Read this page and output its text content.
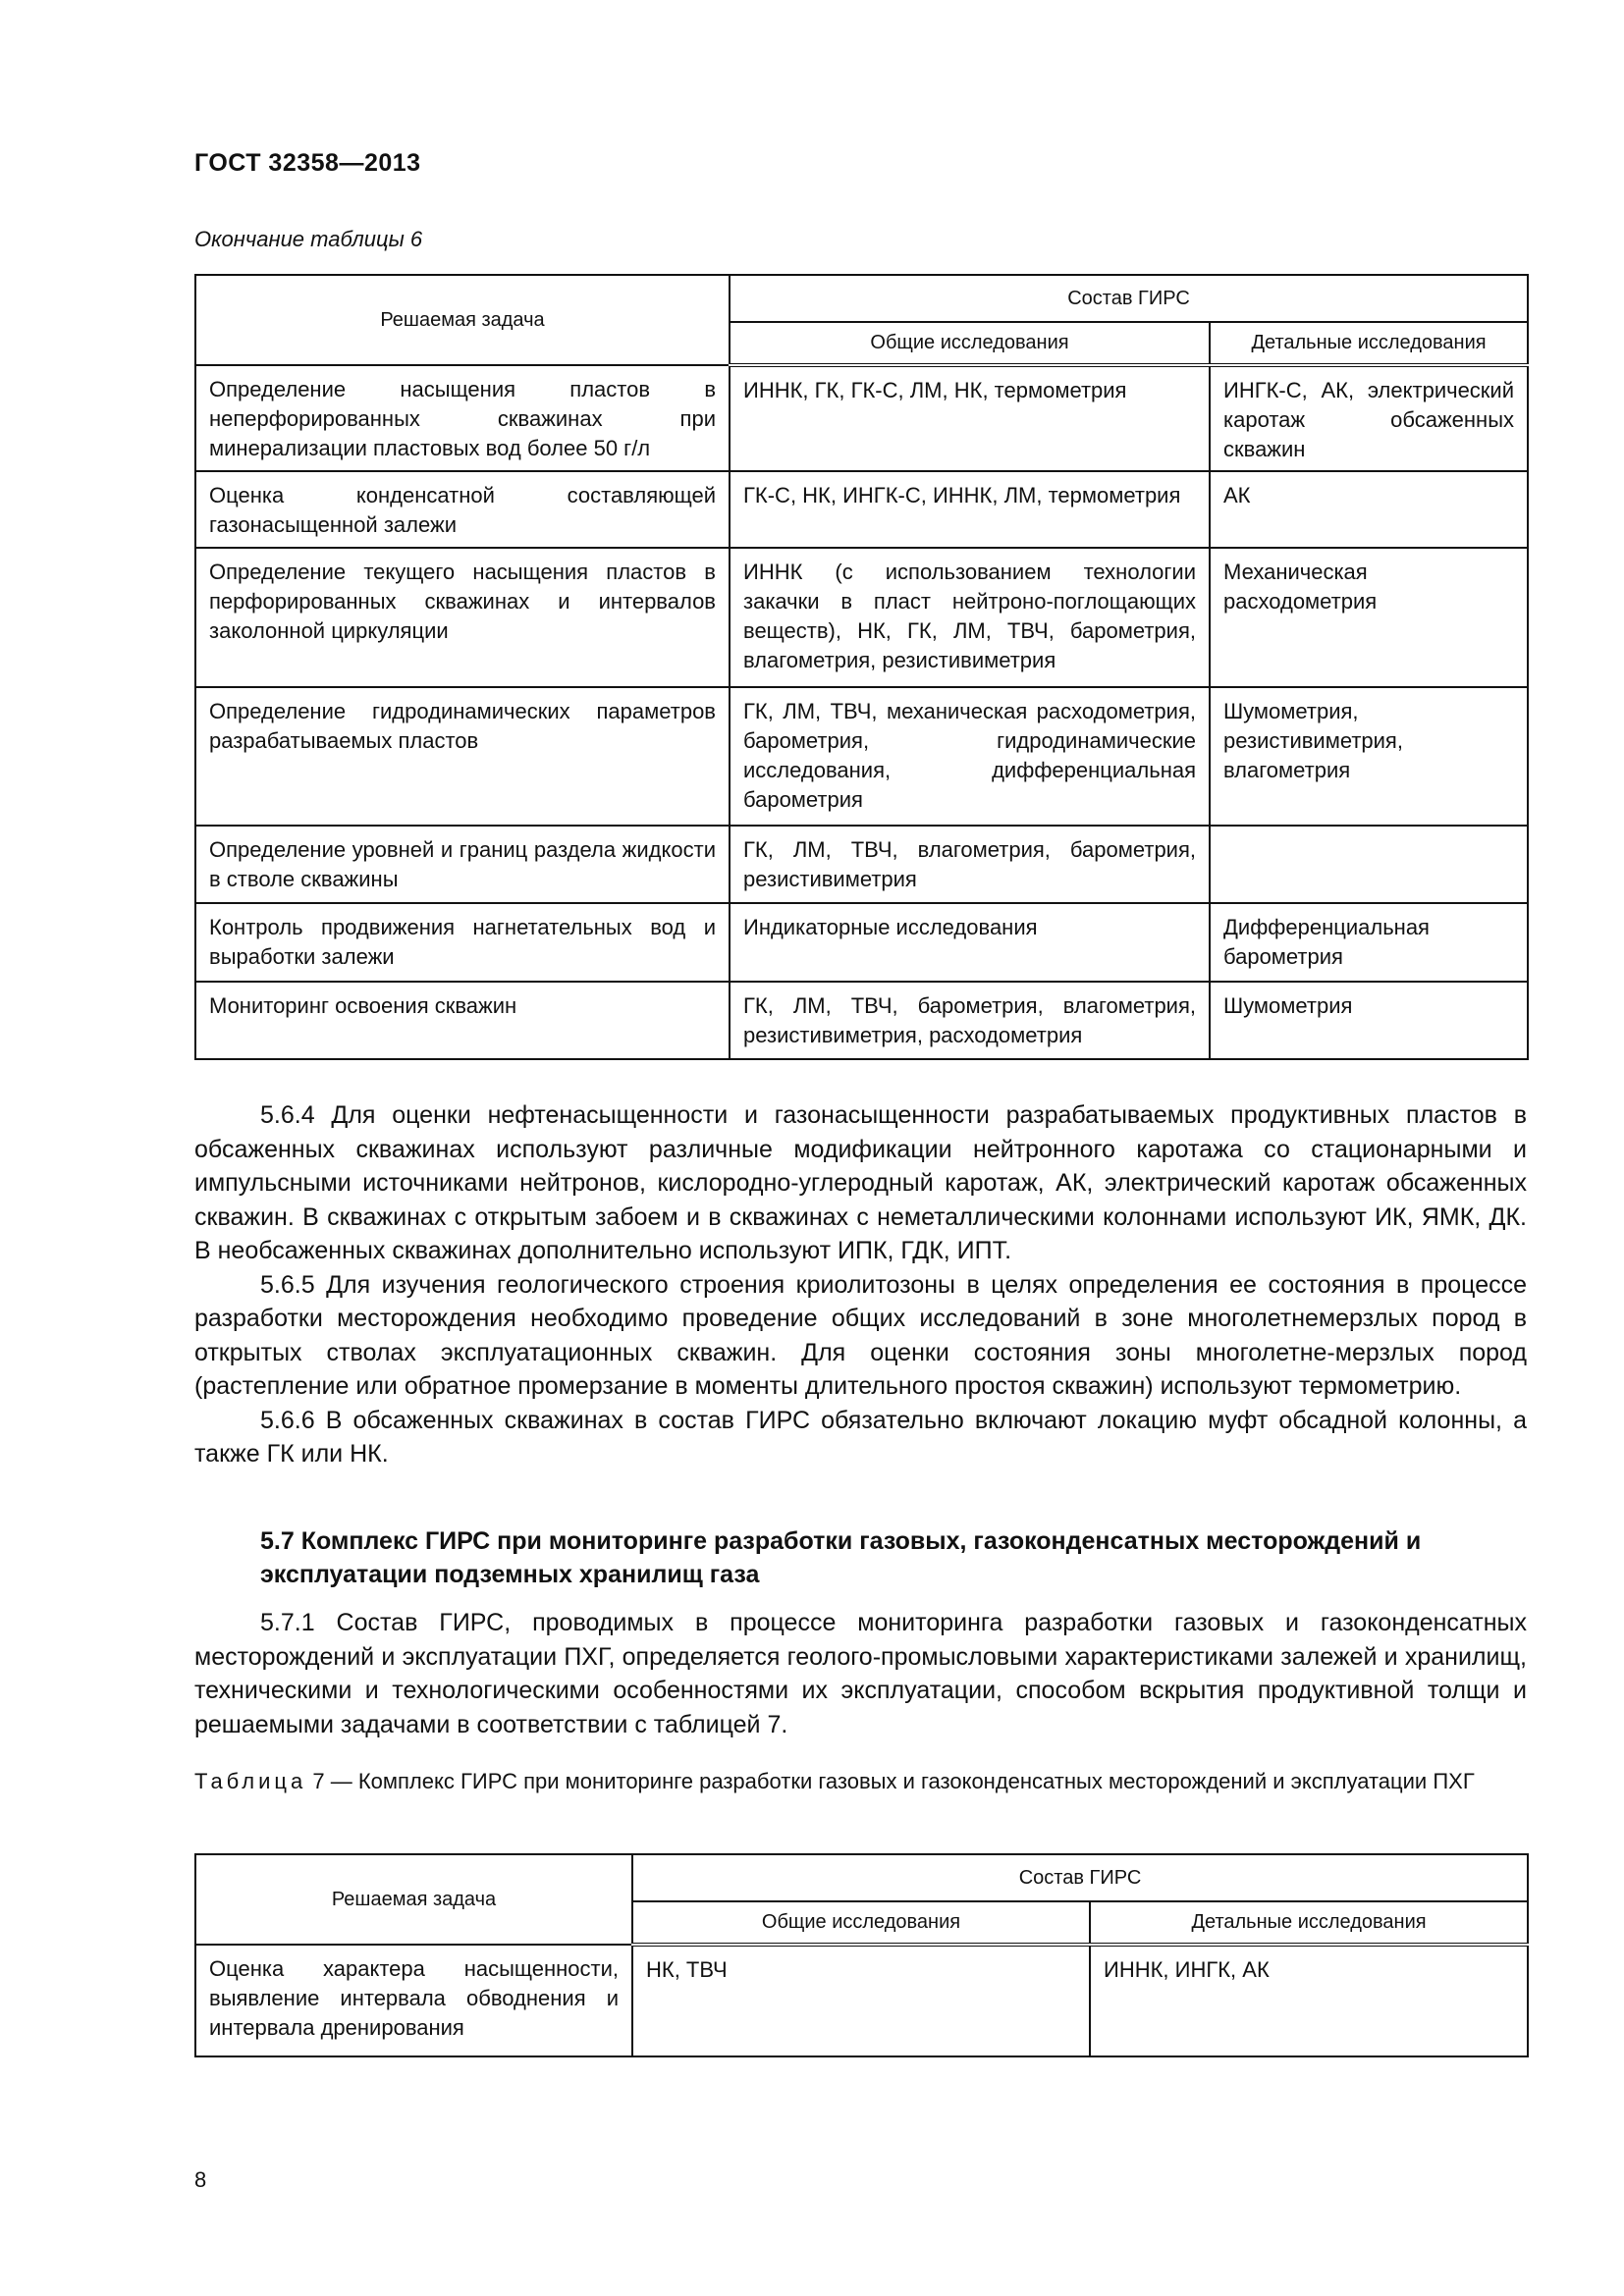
ГОСТ 32358—2013
Окончание таблицы 6
Решаемая задача	Состав ГИРС	
	Общие исследования	Детальные исследования
Определение насыщения пластов в неперфорированных скважинах при минерализации пластовых вод более 50 г/л	ИННК, ГК, ГК-С, ЛМ, НК, термометрия	ИНГК-С, АК, электрический каротаж обсаженных скважин
Оценка конденсатной составляющей газонасыщенной залежи	ГК-С, НК, ИНГК-С, ИННК, ЛМ, термометрия	АК
Определение текущего насыщения пластов в перфорированных скважинах и интервалов заколонной циркуляции	ИННК (с использованием технологии закачки в пласт нейтроно-поглощающих веществ), НК, ГК, ЛМ, ТВЧ, барометрия, влагометрия, резистивиметрия	Механическая расходометрия
Определение гидродинамических параметров разрабатываемых пластов	ГК, ЛМ, ТВЧ, механическая расходометрия, барометрия, гидродинамические исследования, дифференциальная барометрия	Шумометрия, резистивиметрия, влагометрия
Определение уровней и границ раздела жидкости в стволе скважины	ГК, ЛМ, ТВЧ, влагометрия, барометрия, резистивиметрия	
Контроль продвижения нагнетательных вод и выработки залежи	Индикаторные исследования	Дифференциальная барометрия
Мониторинг освоения скважин	ГК, ЛМ, ТВЧ, барометрия, влагометрия, резистивиметрия, расходометрия	Шумометрия

5.6.4 Для оценки нефтенасыщенности и газонасыщенности разрабатываемых продуктивных пластов в обсаженных скважинах используют различные модификации нейтронного каротажа со стационарными и импульсными источниками нейтронов, кислородно-углеродный каротаж, АК, электрический каротаж обсаженных скважин. В скважинах с открытым забоем и в скважинах с неметаллическими колоннами используют ИК, ЯМК, ДК. В необсаженных скважинах дополнительно используют ИПК, ГДК, ИПТ.

5.6.5 Для изучения геологического строения криолитозоны в целях определения ее состояния в процессе разработки месторождения необходимо проведение общих исследований в зоне многолетнемерзлых пород в открытых стволах эксплуатационных скважин. Для оценки состояния зоны многолетне-мерзлых пород (растепление или обратное промерзание в моменты длительного простоя скважин) используют термометрию.

5.6.6 В обсаженных скважинах в состав ГИРС обязательно включают локацию муфт обсадной колонны, а также ГК или НК.

5.7 Комплекс ГИРС при мониторинге разработки газовых, газоконденсатных месторождений и эксплуатации подземных хранилищ газа

5.7.1 Состав ГИРС, проводимых в процессе мониторинга разработки газовых и газоконденсатных месторождений и эксплуатации ПХГ, определяется геолого-промысловыми характеристиками залежей и хранилищ, техническими и технологическими особенностями их эксплуатации, способом вскрытия продуктивной толщи и решаемыми задачами в соответствии с таблицей 7.

Таблица 7 — Комплекс ГИРС при мониторинге разработки газовых и газоконденсатных месторождений и эксплуатации ПХГ
Решаемая задача	Состав ГИРС	
	Общие исследования	Детальные исследования
Оценка характера насыщенности, выявление интервала обводнения и интервала дренирования	НК, ТВЧ	ИННК, ИНГК, АК
8
